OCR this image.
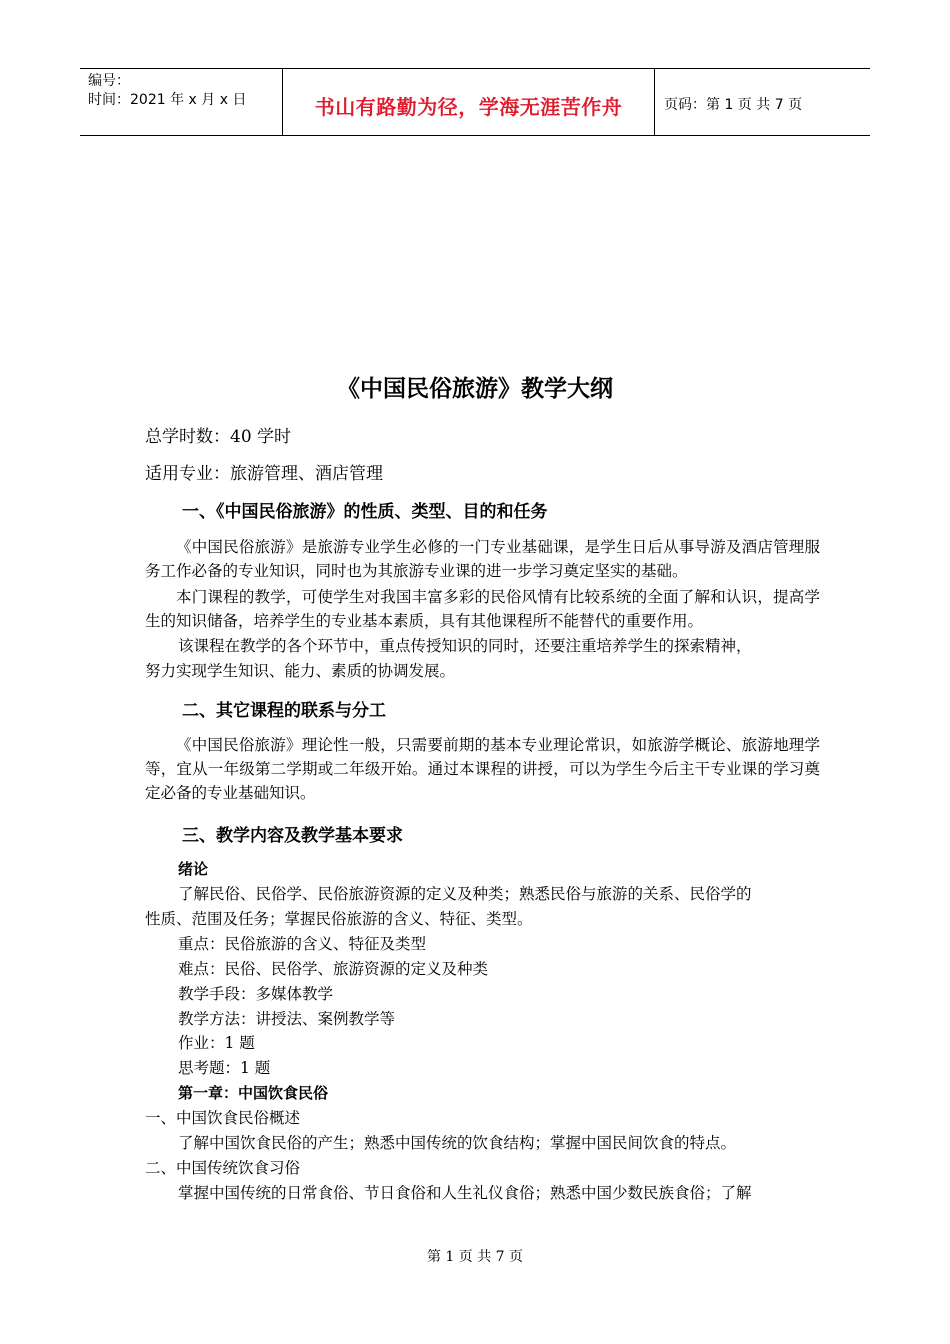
编号：
时间：2021 年 x 月 x 日	书山有路勤为径，学海无涯苦作舟	页码：第 1 页 共 7 页
《中国民俗旅游》教学大纲
总学时数：40 学时
适用专业：旅游管理、酒店管理
一、《中国民俗旅游》的性质、类型、目的和任务
《中国民俗旅游》是旅游专业学生必修的一门专业基础课，是学生日后从事导游及酒店管理服务工作必备的专业知识，同时也为其旅游专业课的进一步学习奠定坚实的基础。
本门课程的教学，可使学生对我国丰富多彩的民俗风情有比较系统的全面了解和认识，提高学生的知识储备，培养学生的专业基本素质，具有其他课程所不能替代的重要作用。
该课程在教学的各个环节中，重点传授知识的同时，还要注重培养学生的探索精神，
努力实现学生知识、能力、素质的协调发展。
二、其它课程的联系与分工
《中国民俗旅游》理论性一般，只需要前期的基本专业理论常识，如旅游学概论、旅游地理学等，宜从一年级第二学期或二年级开始。通过本课程的讲授，可以为学生今后主干专业课的学习奠定必备的专业基础知识。
三、教学内容及教学基本要求
绪论
了解民俗、民俗学、民俗旅游资源的定义及种类；熟悉民俗与旅游的关系、民俗学的
性质、范围及任务；掌握民俗旅游的含义、特征、类型。
重点：民俗旅游的含义、特征及类型
难点：民俗、民俗学、旅游资源的定义及种类
教学手段：多媒体教学
教学方法：讲授法、案例教学等
作业：1 题
思考题：1 题
第一章：中国饮食民俗
一、中国饮食民俗概述
了解中国饮食民俗的产生；熟悉中国传统的饮食结构；掌握中国民间饮食的特点。
二、中国传统饮食习俗
掌握中国传统的日常食俗、节日食俗和人生礼仪食俗；熟悉中国少数民族食俗；了解
第 1 页 共 7 页
